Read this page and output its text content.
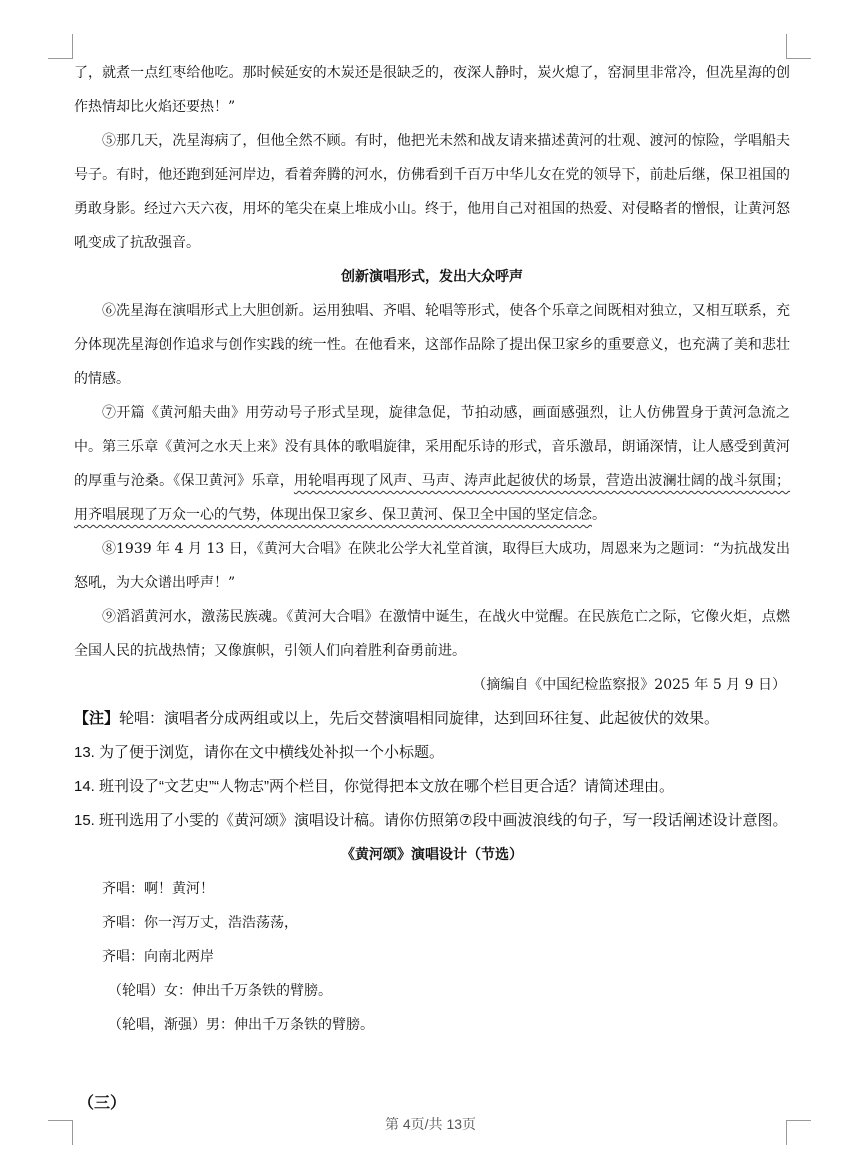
了，就煮一点红枣给他吃。那时候延安的木炭还是很缺乏的，夜深人静时，炭火熄了，窑洞里非常冷，但冼星海的创作热情却比火焰还要热！”

⑤那几天，冼星海病了，但他全然不顾。有时，他把光未然和战友请来描述黄河的壮观、渡河的惊险，学唱船夫号子。有时，他还跑到延河岸边，看着奔腾的河水，仿佛看到千百万中华儿女在党的领导下，前赴后继，保卫祖国的勇敢身影。经过六天六夜，用坏的笔尖在桌上堆成小山。终于，他用自己对祖国的热爱、对侵略者的憎恨，让黄河怒吼变成了抗敌强音。

创新演唱形式，发出大众呼声

⑥冼星海在演唱形式上大胆创新。运用独唱、齐唱、轮唱等形式，使各个乐章之间既相对独立，又相互联系，充分体现冼星海创作追求与创作实践的统一性。在他看来，这部作品除了提出保卫家乡的重要意义，也充满了美和悲壮的情感。

⑦开篇《黄河船夫曲》用劳动号子形式呈现，旋律急促，节拍动感，画面感强烈，让人仿佛置身于黄河急流之中。第三乐章《黄河之水天上来》没有具体的歌唱旋律，采用配乐诗的形式，音乐激昂，朗诵深情，让人感受到黄河的厚重与沧桑。《保卫黄河》乐章，用轮唱再现了风声、马声、涛声此起彼伏的场景，营造出波澜壮阔的战斗氛围；用齐唱展现了万众一心的气势，体现出保卫家乡、保卫黄河、保卫全中国的坚定信念。

⑧1939 年 4 月 13 日，《黄河大合唱》在陕北公学大礼堂首演，取得巨大成功，周恩来为之题词：“为抗战发出怒吼，为大众谱出呼声！”

⑨滔滔黄河水，激荡民族魂。《黄河大合唱》在激情中诞生，在战火中觉醒。在民族危亡之际，它像火炬，点燃全国人民的抗战热情；又像旗帜，引领人们向着胜利奋勇前进。

（摘编自《中国纪检监察报》2025 年 5 月 9 日）

【注】轮唱：演唱者分成两组或以上，先后交替演唱相同旋律，达到回环往复、此起彼伏的效果。

13. 为了便于浏览，请你在文中横线处补拟一个小标题。

14. 班刊设了“文艺史”“人物志”两个栏目，你觉得把本文放在哪个栏目更合适？请简述理由。

15. 班刊选用了小雯的《黄河颂》演唱设计稿。请你仿照第⑦段中画波浪线的句子，写一段话阐述设计意图。

《黄河颂》演唱设计（节选）

齐唱：啊！黄河！

齐唱：你一泻万丈，浩浩荡荡，

齐唱：向南北两岸

（轮唱）女：伸出千万条铁的臂膀。

（轮唱，渐强）男：伸出千万条铁的臂膀。

（三）
第 4页/共 13页
